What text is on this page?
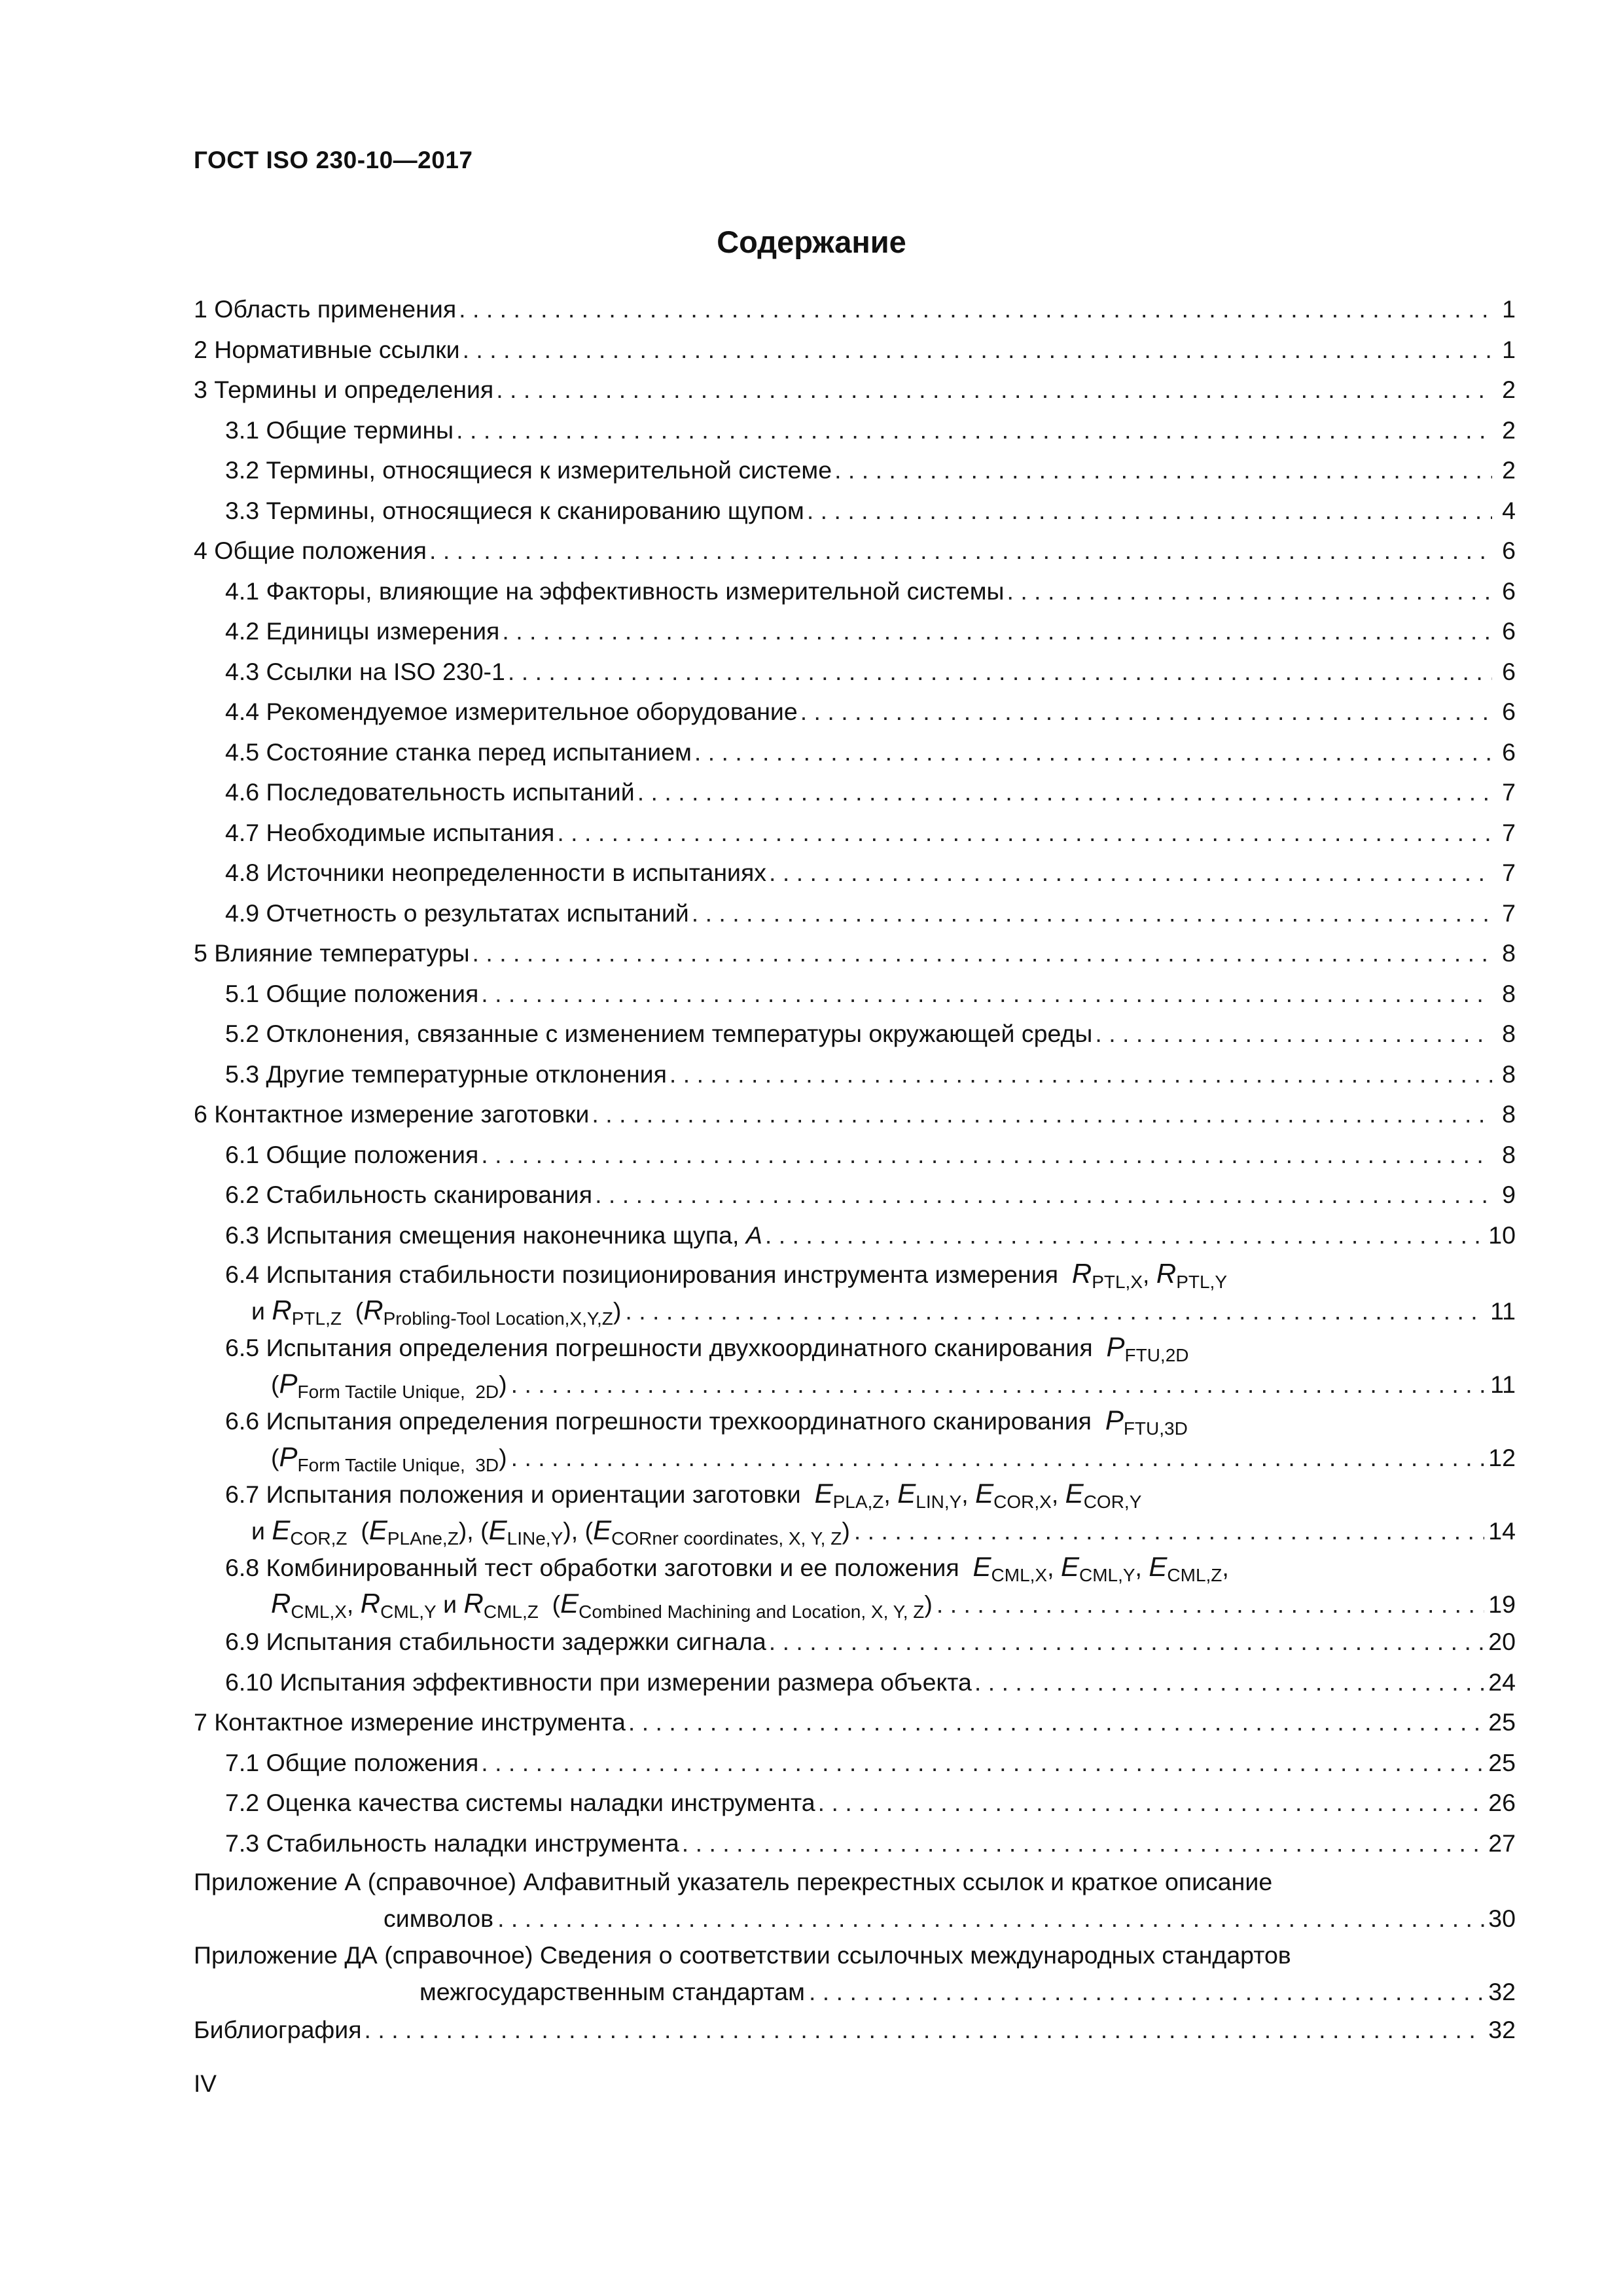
ГОСТ ISO 230-10—2017
Содержание
1 Область применения . . .	1
2 Нормативные ссылки . . .	1
3 Термины и определения . . .	2
3.1 Общие термины . . .	2
3.2 Термины, относящиеся к измерительной системе . . .	2
3.3 Термины, относящиеся к сканированию щупом . . .	4
4 Общие положения . . .	6
4.1 Факторы, влияющие на эффективность измерительной системы . . .	6
4.2 Единицы измерения . . .	6
4.3 Ссылки на ISO 230-1 . . .	6
4.4 Рекомендуемое измерительное оборудование . . .	6
4.5 Состояние станка перед испытанием . . .	6
4.6 Последовательность испытаний . . .	7
4.7 Необходимые испытания . . .	7
4.8 Источники неопределенности в испытаниях . . .	7
4.9 Отчетность о результатах испытаний . . .	7
5 Влияние температуры . . .	8
5.1 Общие положения . . .	8
5.2 Отклонения, связанные с изменением температуры окружающей среды . . .	8
5.3 Другие температурные отклонения . . .	8
6 Контактное измерение заготовки . . .	8
6.1 Общие положения . . .	8
6.2 Стабильность сканирования . . .	9
6.3 Испытания смещения наконечника щупа, A . . .	10
6.4 Испытания стабильности позиционирования инструмента измерения $R_{PTL,X}$, $R_{PTL,Y}$
и $R_{PTL,Z}$  $(R_{Probling-Tool Location,X,Y,Z})$ . . .	11
6.5 Испытания определения погрешности двухкоординатного сканирования $P_{FTU,2D}$
$(P_{Form Tactile Unique, 2D})$ . . .	11
6.6 Испытания определения погрешности трехкоординатного сканирования $P_{FTU,3D}$
$(P_{Form Tactile Unique, 3D})$ . . .	12
6.7 Испытания положения и ориентации заготовки $E_{PLA,Z}$, $E_{LIN,Y}$, $E_{COR,X}$, $E_{COR,Y}$
и $E_{COR,Z}$  $(E_{PLAne,Z})$, $(E_{LINe,Y})$, $(E_{CORner coordinates, X, Y, Z})$ . . .	14
6.8 Комбинированный тест обработки заготовки и ее положения $E_{CML,X}$, $E_{CML,Y}$, $E_{CML,Z}$,
$R_{CML,X}$, $R_{CML,Y}$ и $R_{CML,Z}$  $(E_{Combined Machining and Location, X, Y, Z})$ . . .	19
6.9 Испытания стабильности задержки сигнала . . .	20
6.10 Испытания эффективности при измерении размера объекта . . .	24
7 Контактное измерение инструмента . . .	25
7.1 Общие положения . . .	25
7.2 Оценка качества системы наладки инструмента . . .	26
7.3 Стабильность наладки инструмента . . .	27
Приложение А (справочное) Алфавитный указатель перекрестных ссылок и краткое описание
символов . . .	30
Приложение ДА (справочное) Сведения о соответствии ссылочных международных стандартов
межгосударственным стандартам . . .	32
Библиография . . .	32
IV
